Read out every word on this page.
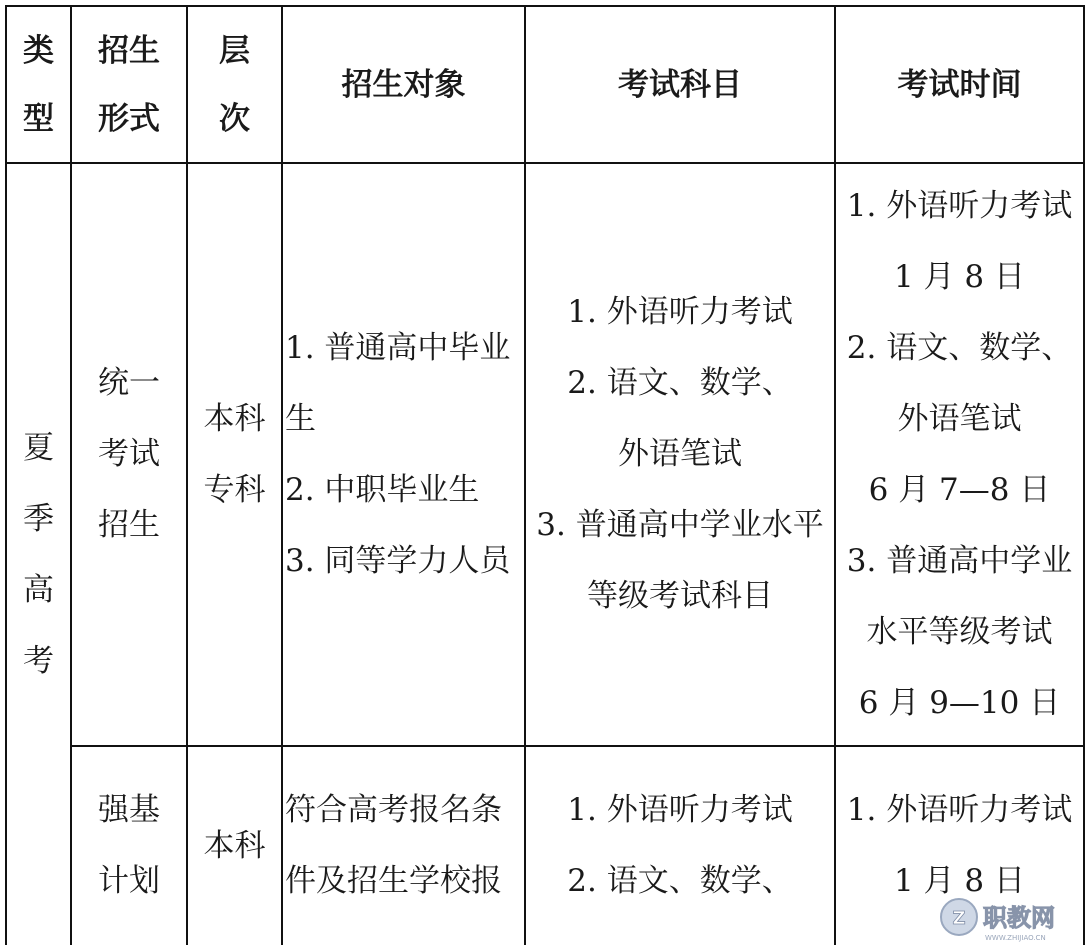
类
型
招生
形式
层
次
招生对象	考试科目	考试时间
夏
季
高
考
统一
考试
招生
本科
专科
1. 普通高中毕业
生
2. 中职毕业生
3. 同等学力人员
1. 外语听力考试
2. 语文、数学、
外语笔试
3. 普通高中学业水平
等级考试科目
1. 外语听力考试
1 月 8 日
2. 语文、数学、
外语笔试
6 月 7—8 日
3. 普通高中学业
水平等级考试
6 月 9—10 日
强基
计划
本科
符合高考报名条
件及招生学校报
1. 外语听力考试
2. 语文、数学、
1. 外语听力考试
1 月 8 日
Z 职教网
WWW.ZHIJIAO.CN
